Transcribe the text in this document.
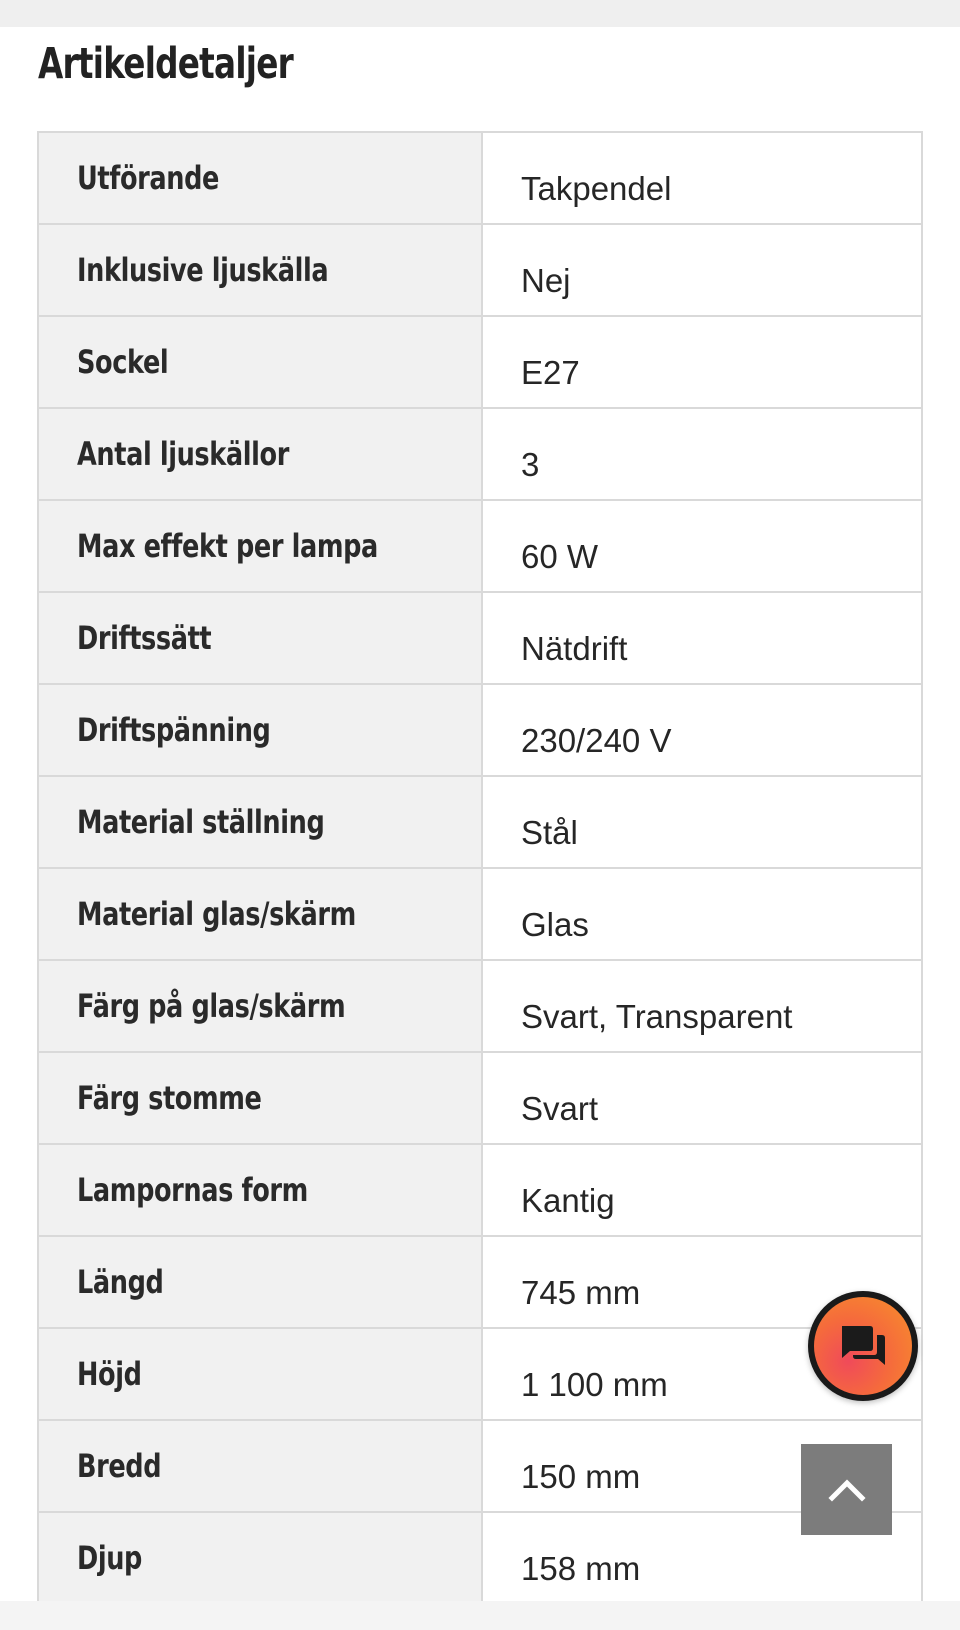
Artikeldetaljer
Utförande	Takpendel
Inklusive ljuskälla	Nej
Sockel	E27
Antal ljuskällor	3
Max effekt per lampa	60 W
Driftssätt	Nätdrift
Driftspänning	230/240 V
Material ställning	Stål
Material glas/skärm	Glas
Färg på glas/skärm	Svart, Transparent
Färg stomme	Svart
Lampornas form	Kantig
Längd	745 mm
Höjd	1 100 mm
Bredd	150 mm
Djup	158 mm
